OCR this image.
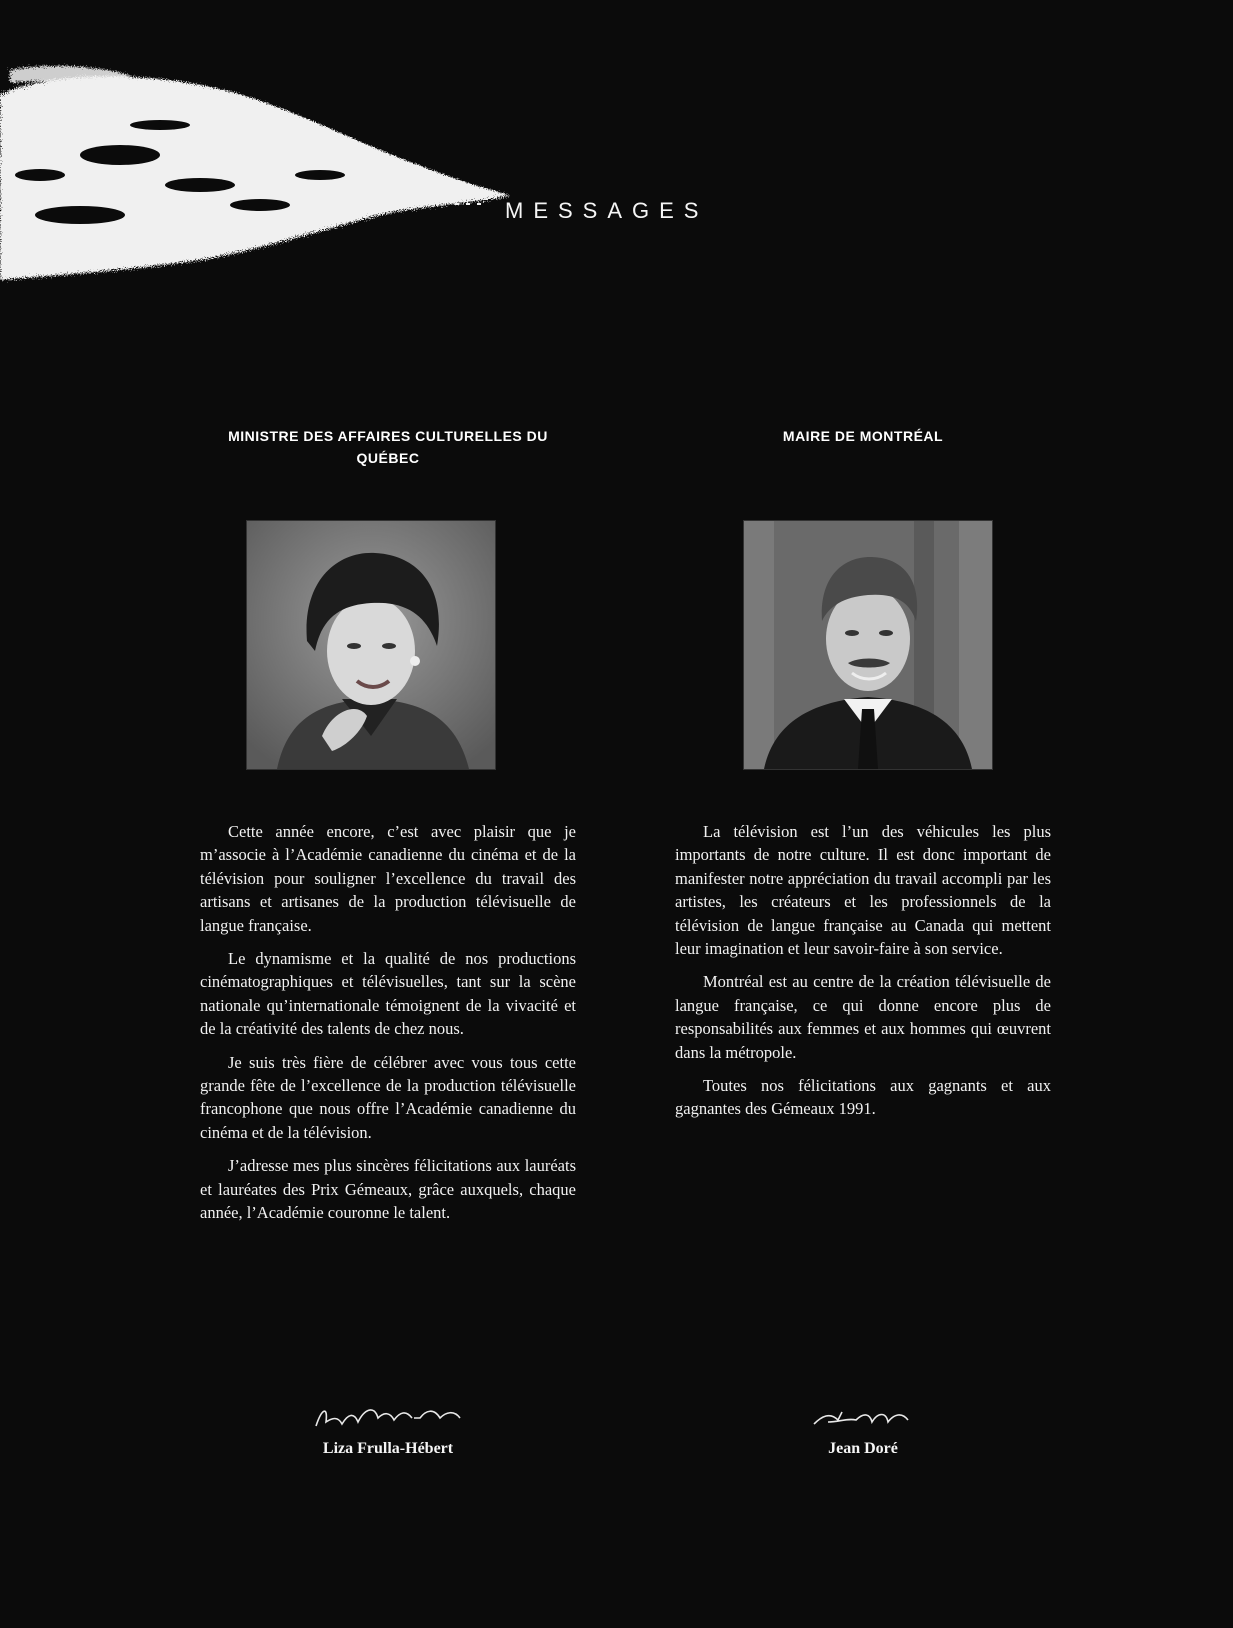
MESSAGES
MINISTRE DES AFFAIRES CULTURELLES DU QUÉBEC

Cette année encore, c’est avec plaisir que je m’associe à l’Académie canadienne du cinéma et de la télévision pour souligner l’excellence du travail des artisans et artisanes de la production télévisuelle de langue française.

Le dynamisme et la qualité de nos productions cinématographiques et télévisuelles, tant sur la scène nationale qu’internationale témoignent de la vivacité et de la créativité des talents de chez nous.

Je suis très fière de célébrer avec vous tous cette grande fête de l’excellence de la production télévisuelle francophone que nous offre l’Académie canadienne du cinéma et de la télévision.

J’adresse mes plus sincères félicitations aux lauréats et lauréates des Prix Gémeaux, grâce auxquels, chaque année, l’Académie couronne le talent.

Liza Frulla-Hébert
MAIRE DE MONTRÉAL

La télévision est l’un des véhicules les plus importants de notre culture. Il est donc important de manifester notre appréciation du travail accompli par les artistes, les créateurs et les professionnels de la télévision de langue française au Canada qui mettent leur imagination et leur savoir-faire à son service.

Montréal est au centre de la création télévisuelle de langue française, ce qui donne encore plus de responsabilités aux femmes et aux hommes qui œuvrent dans la métropole.

Toutes nos félicitations aux gagnants et aux gagnantes des Gémeaux 1991.

Jean Doré
